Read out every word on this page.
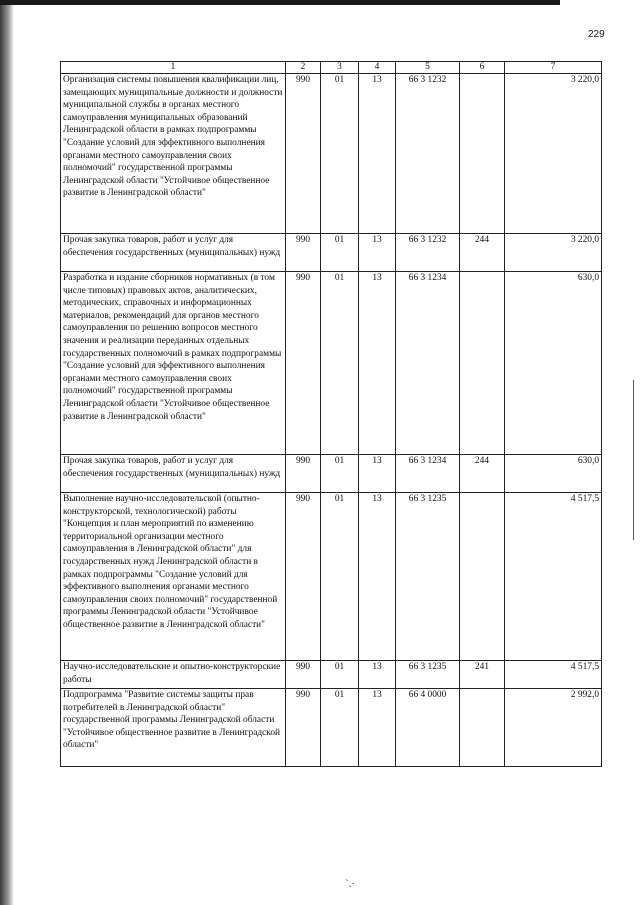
229
1	2	3	4	5	6	7
Организация системы повышения квалификации лиц, замещающих муниципальные должности и должности муниципальной службы в органах местного самоуправления муниципальных образований Ленинградской области в рамках подпрограммы "Создание условий для эффективного выполнения органами местного самоуправления своих полномочий" государственной программы Ленинградской области "Устойчивое общественное развитие в Ленинградской области"	990	01	13	66 3 1232		3 220,0
Прочая закупка товаров, работ и услуг для обеспечения государственных (муниципальных) нужд	990	01	13	66 3 1232	244	3 220,0
Разработка и издание сборников нормативных (в том числе типовых) правовых актов, аналитических, методических, справочных и информационных материалов, рекомендаций для органов местного самоуправления по решению вопросов местного значения и реализации переданных отдельных государственных полномочий в рамках подпрограммы "Создание условий для эффективного выполнения органами местного самоуправления своих полномочий" государственной программы Ленинградской области "Устойчивое общественное развитие в Ленинградской области"	990	01	13	66 3 1234		630,0
Прочая закупка товаров, работ и услуг для обеспечения государственных (муниципальных) нужд	990	01	13	66 3 1234	244	630,0
Выполнение научно-исследовательской (опытно-конструкторской, технологической) работы "Концепция и план мероприятий по изменению территориальной организации местного самоуправления в Ленинградской области" для государственных нужд Ленинградской области в рамках подпрограммы "Создание условий для эффективного выполнения органами местного самоуправления своих полномочий" государственной программы Ленинградской области "Устойчивое общественное развитие в Ленинградской области"	990	01	13	66 3 1235		4 517,5
Научно-исследовательские и опытно-конструкторские работы	990	01	13	66 3 1235	241	4 517,5
Подпрограмма "Развитие системы защиты прав потребителей в Ленинградской области" государственной программы Ленинградской области "Устойчивое общественное развитие в Ленинградской области"	990	01	13	66 4 0000		2 992,0
`.·
